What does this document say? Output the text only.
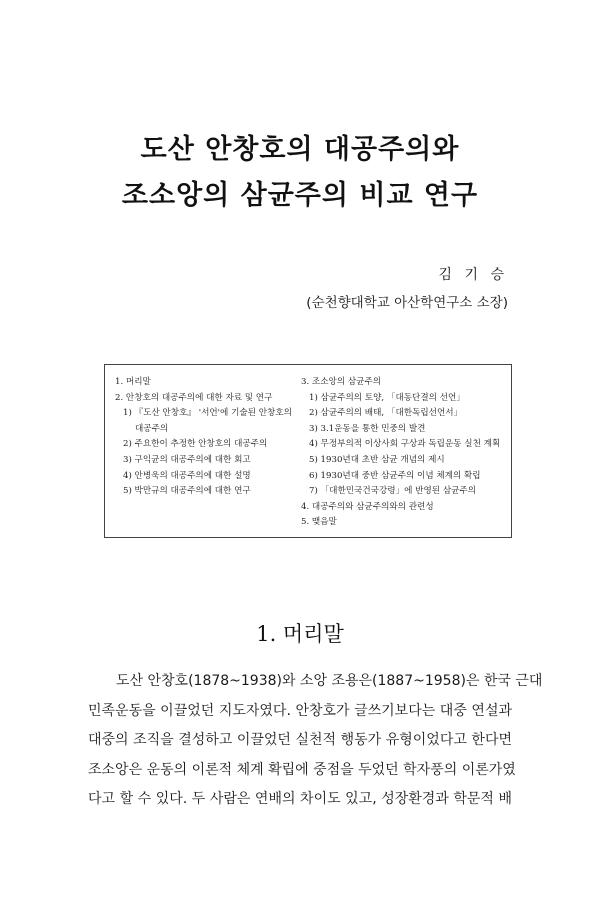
도산 안창호의 대공주의와
조소앙의 삼균주의 비교 연구
김 기 승
(순천향대학교 아산학연구소 소장)
1. 머리말
2. 안창호의 대공주의에 대한 자료 및 연구
1) 『도산 안창호』 '서언'에 기술된 안창호의
대공주의
2) 주요한이 추정한 안창호의 대공주의
3) 구익균의 대공주의에 대한 회고
4) 안병욱의 대공주의에 대한 설명
5) 박만규의 대공주의에 대한 연구
3. 조소앙의 삼균주의
1) 삼균주의의 토양, 「대동단결의 선언」
2) 삼균주의의 배태, 「대한독립선언서」
3) 3.1운동을 통한 민중의 발견
4) 무정부의적 이상사회 구상과 독립운동 실천 계획
5) 1930년대 초반 삼균 개념의 제시
6) 1930년대 중반 삼균주의 이념 체계의 확립
7) 「대한민국건국강령」에 반영된 삼균주의
4. 대공주의와 삼균주의와의 관련성
5. 맺음말
1. 머리말
도산 안창호(1878~1938)와 소앙 조용은(1887~1958)은 한국 근대
민족운동을 이끌었던 지도자였다. 안창호가 글쓰기보다는 대중 연설과
대중의 조직을 결성하고 이끌었던 실천적 행동가 유형이었다고 한다면
조소앙은 운동의 이론적 체계 확립에 중점을 두었던 학자풍의 이론가였
다고 할 수 있다. 두 사람은 연배의 차이도 있고, 성장환경과 학문적 배
